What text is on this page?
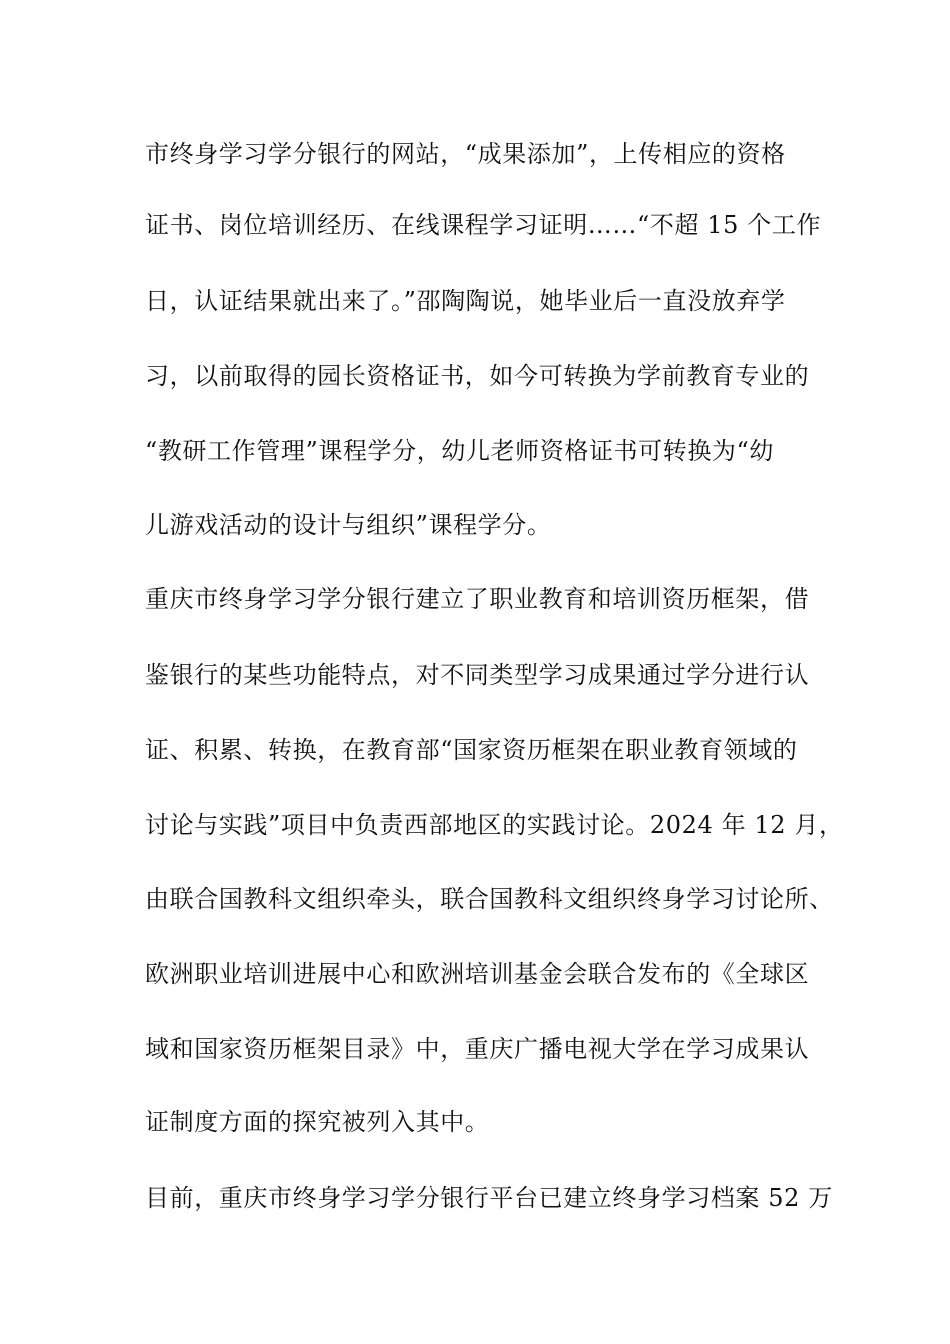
市终身学习学分银行的网站，“成果添加”，上传相应的资格
证书、岗位培训经历、在线课程学习证明……“不超 15 个工作
日，认证结果就出来了。”邵陶陶说，她毕业后一直没放弃学
习，以前取得的园长资格证书，如今可转换为学前教育专业的
“教研工作管理”课程学分，幼儿老师资格证书可转换为“幼
儿游戏活动的设计与组织”课程学分。
重庆市终身学习学分银行建立了职业教育和培训资历框架，借
鉴银行的某些功能特点，对不同类型学习成果通过学分进行认
证、积累、转换，在教育部“国家资历框架在职业教育领域的
讨论与实践”项目中负责西部地区的实践讨论。2024 年 12 月，
由联合国教科文组织牵头，联合国教科文组织终身学习讨论所、
欧洲职业培训进展中心和欧洲培训基金会联合发布的《全球区
域和国家资历框架目录》中，重庆广播电视大学在学习成果认
证制度方面的探究被列入其中。
目前，重庆市终身学习学分银行平台已建立终身学习档案 52 万
